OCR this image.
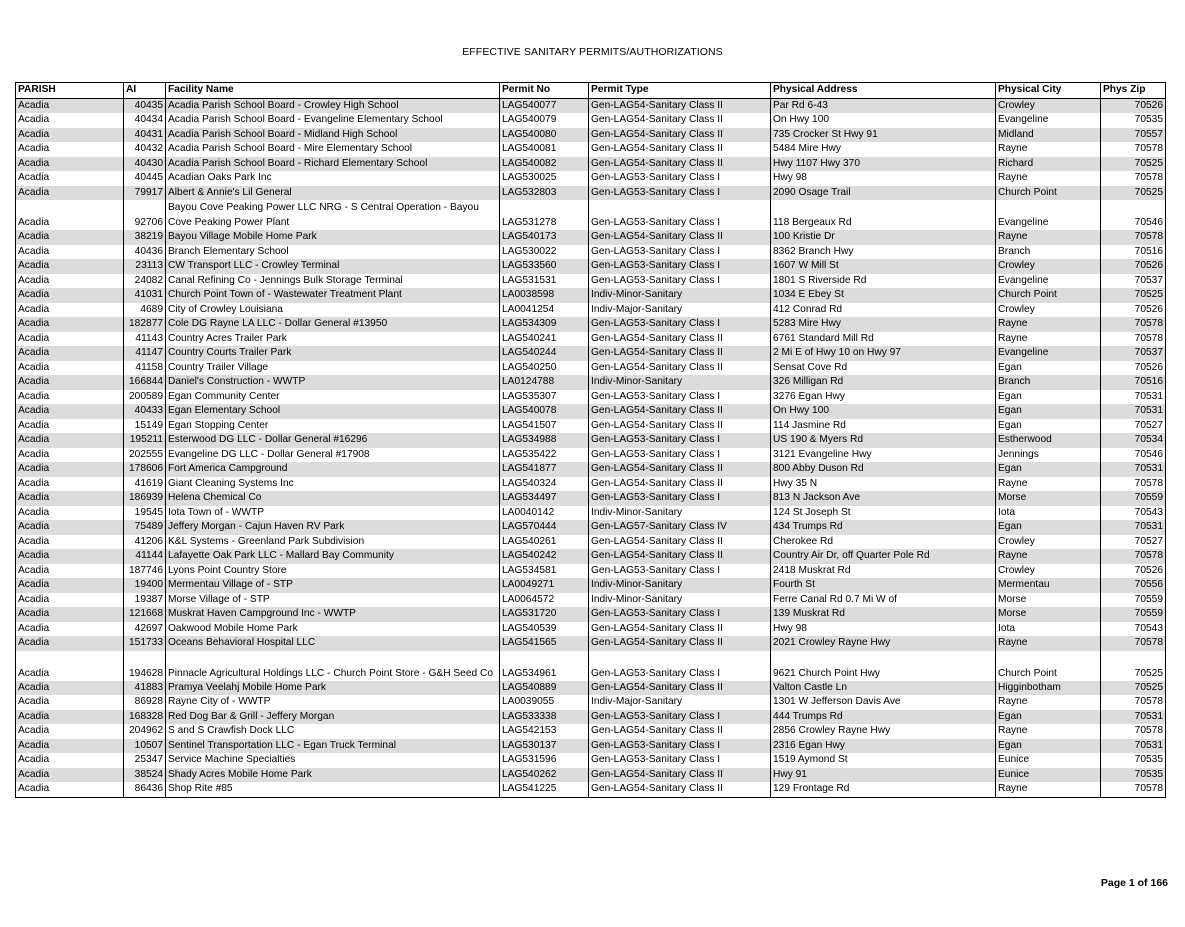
EFFECTIVE SANITARY PERMITS/AUTHORIZATIONS
PARISH	AI	Facility Name	Permit No	Permit Type	Physical Address	Physical City	Phys Zip
Acadia	40435	Acadia Parish School Board - Crowley High School	LAG540077	Gen-LAG54-Sanitary Class II	Par Rd 6-43	Crowley	70526
Acadia	40434	Acadia Parish School Board - Evangeline Elementary School	LAG540079	Gen-LAG54-Sanitary Class II	On Hwy 100	Evangeline	70535
Acadia	40431	Acadia Parish School Board - Midland High School	LAG540080	Gen-LAG54-Sanitary Class II	735 Crocker St Hwy 91	Midland	70557
Acadia	40432	Acadia Parish School Board - Mire Elementary School	LAG540081	Gen-LAG54-Sanitary Class II	5484 Mire Hwy	Rayne	70578
Acadia	40430	Acadia Parish School Board - Richard Elementary School	LAG540082	Gen-LAG54-Sanitary Class II	Hwy 1107 Hwy 370	Richard	70525
Acadia	40445	Acadian Oaks Park Inc	LAG530025	Gen-LAG53-Sanitary Class I	Hwy 98	Rayne	70578
Acadia	79917	Albert & Annie's Lil General	LAG532803	Gen-LAG53-Sanitary Class I	2090 Osage Trail	Church Point	70525
Acadia	92706	Bayou Cove Peaking Power LLC NRG - S Central Operation - Bayou Cove Peaking Power Plant	LAG531278	Gen-LAG53-Sanitary Class I	118 Bergeaux Rd	Evangeline	70546
Acadia	38219	Bayou Village Mobile Home Park	LAG540173	Gen-LAG54-Sanitary Class II	100 Kristie Dr	Rayne	70578
Acadia	40436	Branch Elementary School	LAG530022	Gen-LAG53-Sanitary Class I	8362 Branch Hwy	Branch	70516
Acadia	23113	CW Transport LLC - Crowley Terminal	LAG533560	Gen-LAG53-Sanitary Class I	1607 W Mill St	Crowley	70526
Acadia	24082	Canal Refining Co - Jennings Bulk Storage Terminal	LAG531531	Gen-LAG53-Sanitary Class I	1801 S Riverside Rd	Evangeline	70537
Acadia	41031	Church Point Town of - Wastewater Treatment Plant	LA0038598	Indiv-Minor-Sanitary	1034 E Ebey St	Church Point	70525
Acadia	4689	City of Crowley Louisiana	LA0041254	Indiv-Major-Sanitary	412 Conrad Rd	Crowley	70526
Acadia	182877	Cole DG Rayne LA LLC - Dollar General #13950	LAG534309	Gen-LAG53-Sanitary Class I	5283 Mire Hwy	Rayne	70578
Acadia	41143	Country Acres Trailer Park	LAG540241	Gen-LAG54-Sanitary Class II	6761 Standard Mill Rd	Rayne	70578
Acadia	41147	Country Courts Trailer Park	LAG540244	Gen-LAG54-Sanitary Class II	2 Mi E of Hwy 10 on Hwy 97	Evangeline	70537
Acadia	41158	Country Trailer Village	LAG540250	Gen-LAG54-Sanitary Class II	Sensat Cove Rd	Egan	70526
Acadia	166844	Daniel's Construction - WWTP	LA0124788	Indiv-Minor-Sanitary	326 Milligan Rd	Branch	70516
Acadia	200589	Egan Community Center	LAG535307	Gen-LAG53-Sanitary Class I	3276 Egan Hwy	Egan	70531
Acadia	40433	Egan Elementary School	LAG540078	Gen-LAG54-Sanitary Class II	On Hwy 100	Egan	70531
Acadia	15149	Egan Stopping Center	LAG541507	Gen-LAG54-Sanitary Class II	114 Jasmine Rd	Egan	70527
Acadia	195211	Esterwood DG LLC - Dollar General #16296	LAG534988	Gen-LAG53-Sanitary Class I	US 190 & Myers Rd	Estherwood	70534
Acadia	202555	Evangeline DG LLC - Dollar General #17908	LAG535422	Gen-LAG53-Sanitary Class I	3121 Evangeline Hwy	Jennings	70546
Acadia	178606	Fort America Campground	LAG541877	Gen-LAG54-Sanitary Class II	800 Abby Duson Rd	Egan	70531
Acadia	41619	Giant Cleaning Systems Inc	LAG540324	Gen-LAG54-Sanitary Class II	Hwy 35 N	Rayne	70578
Acadia	186939	Helena Chemical Co	LAG534497	Gen-LAG53-Sanitary Class I	813 N Jackson Ave	Morse	70559
Acadia	19545	Iota Town of - WWTP	LA0040142	Indiv-Minor-Sanitary	124 St Joseph St	Iota	70543
Acadia	75489	Jeffery Morgan - Cajun Haven RV Park	LAG570444	Gen-LAG57-Sanitary Class IV	434 Trumps Rd	Egan	70531
Acadia	41206	K&L Systems - Greenland Park Subdivision	LAG540261	Gen-LAG54-Sanitary Class II	Cherokee Rd	Crowley	70527
Acadia	41144	Lafayette Oak Park LLC - Mallard Bay Community	LAG540242	Gen-LAG54-Sanitary Class II	Country Air Dr, off Quarter Pole Rd	Rayne	70578
Acadia	187746	Lyons Point Country Store	LAG534581	Gen-LAG53-Sanitary Class I	2418 Muskrat Rd	Crowley	70526
Acadia	19400	Mermentau Village of - STP	LA0049271	Indiv-Minor-Sanitary	Fourth St	Mermentau	70556
Acadia	19387	Morse Village of - STP	LA0064572	Indiv-Minor-Sanitary	Ferre Canal Rd 0.7 Mi W of	Morse	70559
Acadia	121668	Muskrat Haven Campground Inc - WWTP	LAG531720	Gen-LAG53-Sanitary Class I	139 Muskrat Rd	Morse	70559
Acadia	42697	Oakwood Mobile Home Park	LAG540539	Gen-LAG54-Sanitary Class II	Hwy 98	Iota	70543
Acadia	151733	Oceans Behavioral Hospital LLC	LAG541565	Gen-LAG54-Sanitary Class II	2021 Crowley Rayne Hwy	Rayne	70578
Acadia	194628	Pinnacle Agricultural Holdings LLC - Church Point Store - G&H Seed Co	LAG534961	Gen-LAG53-Sanitary Class I	9621 Church Point Hwy	Church Point	70525
Acadia	41883	Pramya Veelahj Mobile Home Park	LAG540889	Gen-LAG54-Sanitary Class II	Valton Castle Ln	Higginbotham	70525
Acadia	86928	Rayne City of - WWTP	LA0039055	Indiv-Major-Sanitary	1301 W Jefferson Davis Ave	Rayne	70578
Acadia	168328	Red Dog Bar & Grill - Jeffery Morgan	LAG533338	Gen-LAG53-Sanitary Class I	444 Trumps Rd	Egan	70531
Acadia	204962	S and S Crawfish Dock LLC	LAG542153	Gen-LAG54-Sanitary Class II	2856 Crowley Rayne Hwy	Rayne	70578
Acadia	10507	Sentinel Transportation LLC - Egan Truck Terminal	LAG530137	Gen-LAG53-Sanitary Class I	2316 Egan Hwy	Egan	70531
Acadia	25347	Service Machine Specialties	LAG531596	Gen-LAG53-Sanitary Class I	1519 Aymond St	Eunice	70535
Acadia	38524	Shady Acres Mobile Home Park	LAG540262	Gen-LAG54-Sanitary Class II	Hwy 91	Eunice	70535
Acadia	86436	Shop Rite #85	LAG541225	Gen-LAG54-Sanitary Class II	129 Frontage Rd	Rayne	70578
Page 1 of 166
